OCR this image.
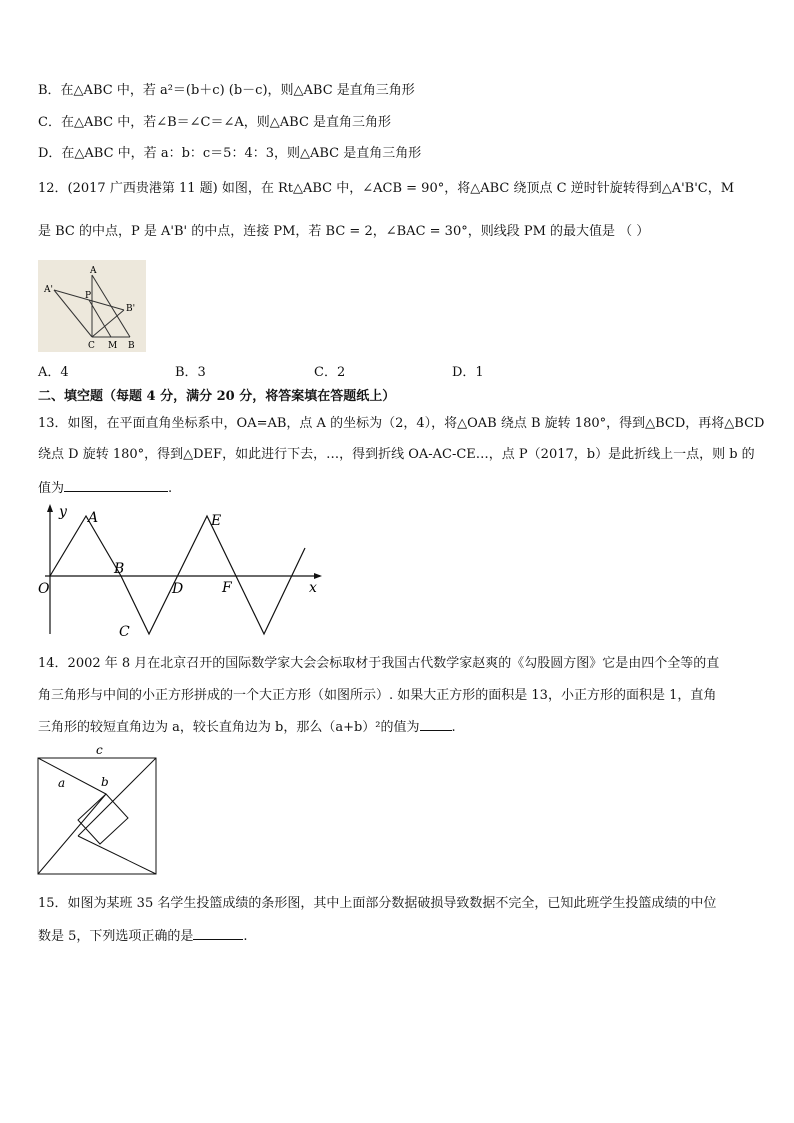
B．在△ABC 中，若 a²＝(b＋c) (b－c)，则△ABC 是直角三角形
C．在△ABC 中，若∠B＝∠C＝∠A，则△ABC 是直角三角形
D．在△ABC 中，若 a：b：c＝5：4：3，则△ABC 是直角三角形
12．(2017 广西贵港第 11 题) 如图，在 Rt△ABC 中，∠ACB = 90°，将△ABC 绕顶点 C 逆时针旋转得到△A'B'C，M
是 BC 的中点，P 是 A'B' 的中点，连接 PM，若 BC = 2，∠BAC = 30°，则线段 PM 的最大值是 （ ）
A
A'
P
B'
C M B
A．4	B．3	C．2	D．1
二、填空题（每题 4 分，满分 20 分，将答案填在答题纸上）
13．如图，在平面直角坐标系中，OA=AB，点 A 的坐标为（2，4），将△OAB 绕点 B 旋转 180°，得到△BCD，再将△BCD
绕点 D 旋转 180°，得到△DEF，如此进行下去，…，得到折线 OA-AC-CE…，点 P（2017，b）是此折线上一点，则 b 的
值为	.
y A	E
B
O	D	F	x
C
14．2002 年 8 月在北京召开的国际数学家大会会标取材于我国古代数学家赵爽的《勾股圆方图》它是由四个全等的直
角三角形与中间的小正方形拼成的一个大正方形（如图所示）. 如果大正方形的面积是 13，小正方形的面积是 1，直角
三角形的较短直角边为 a，较长直角边为 b，那么（a+b）²的值为 .
c
a	b
15．如图为某班 35 名学生投篮成绩的条形图，其中上面部分数据破损导致数据不完全，已知此班学生投篮成绩的中位
数是 5，下列选项正确的是	.
